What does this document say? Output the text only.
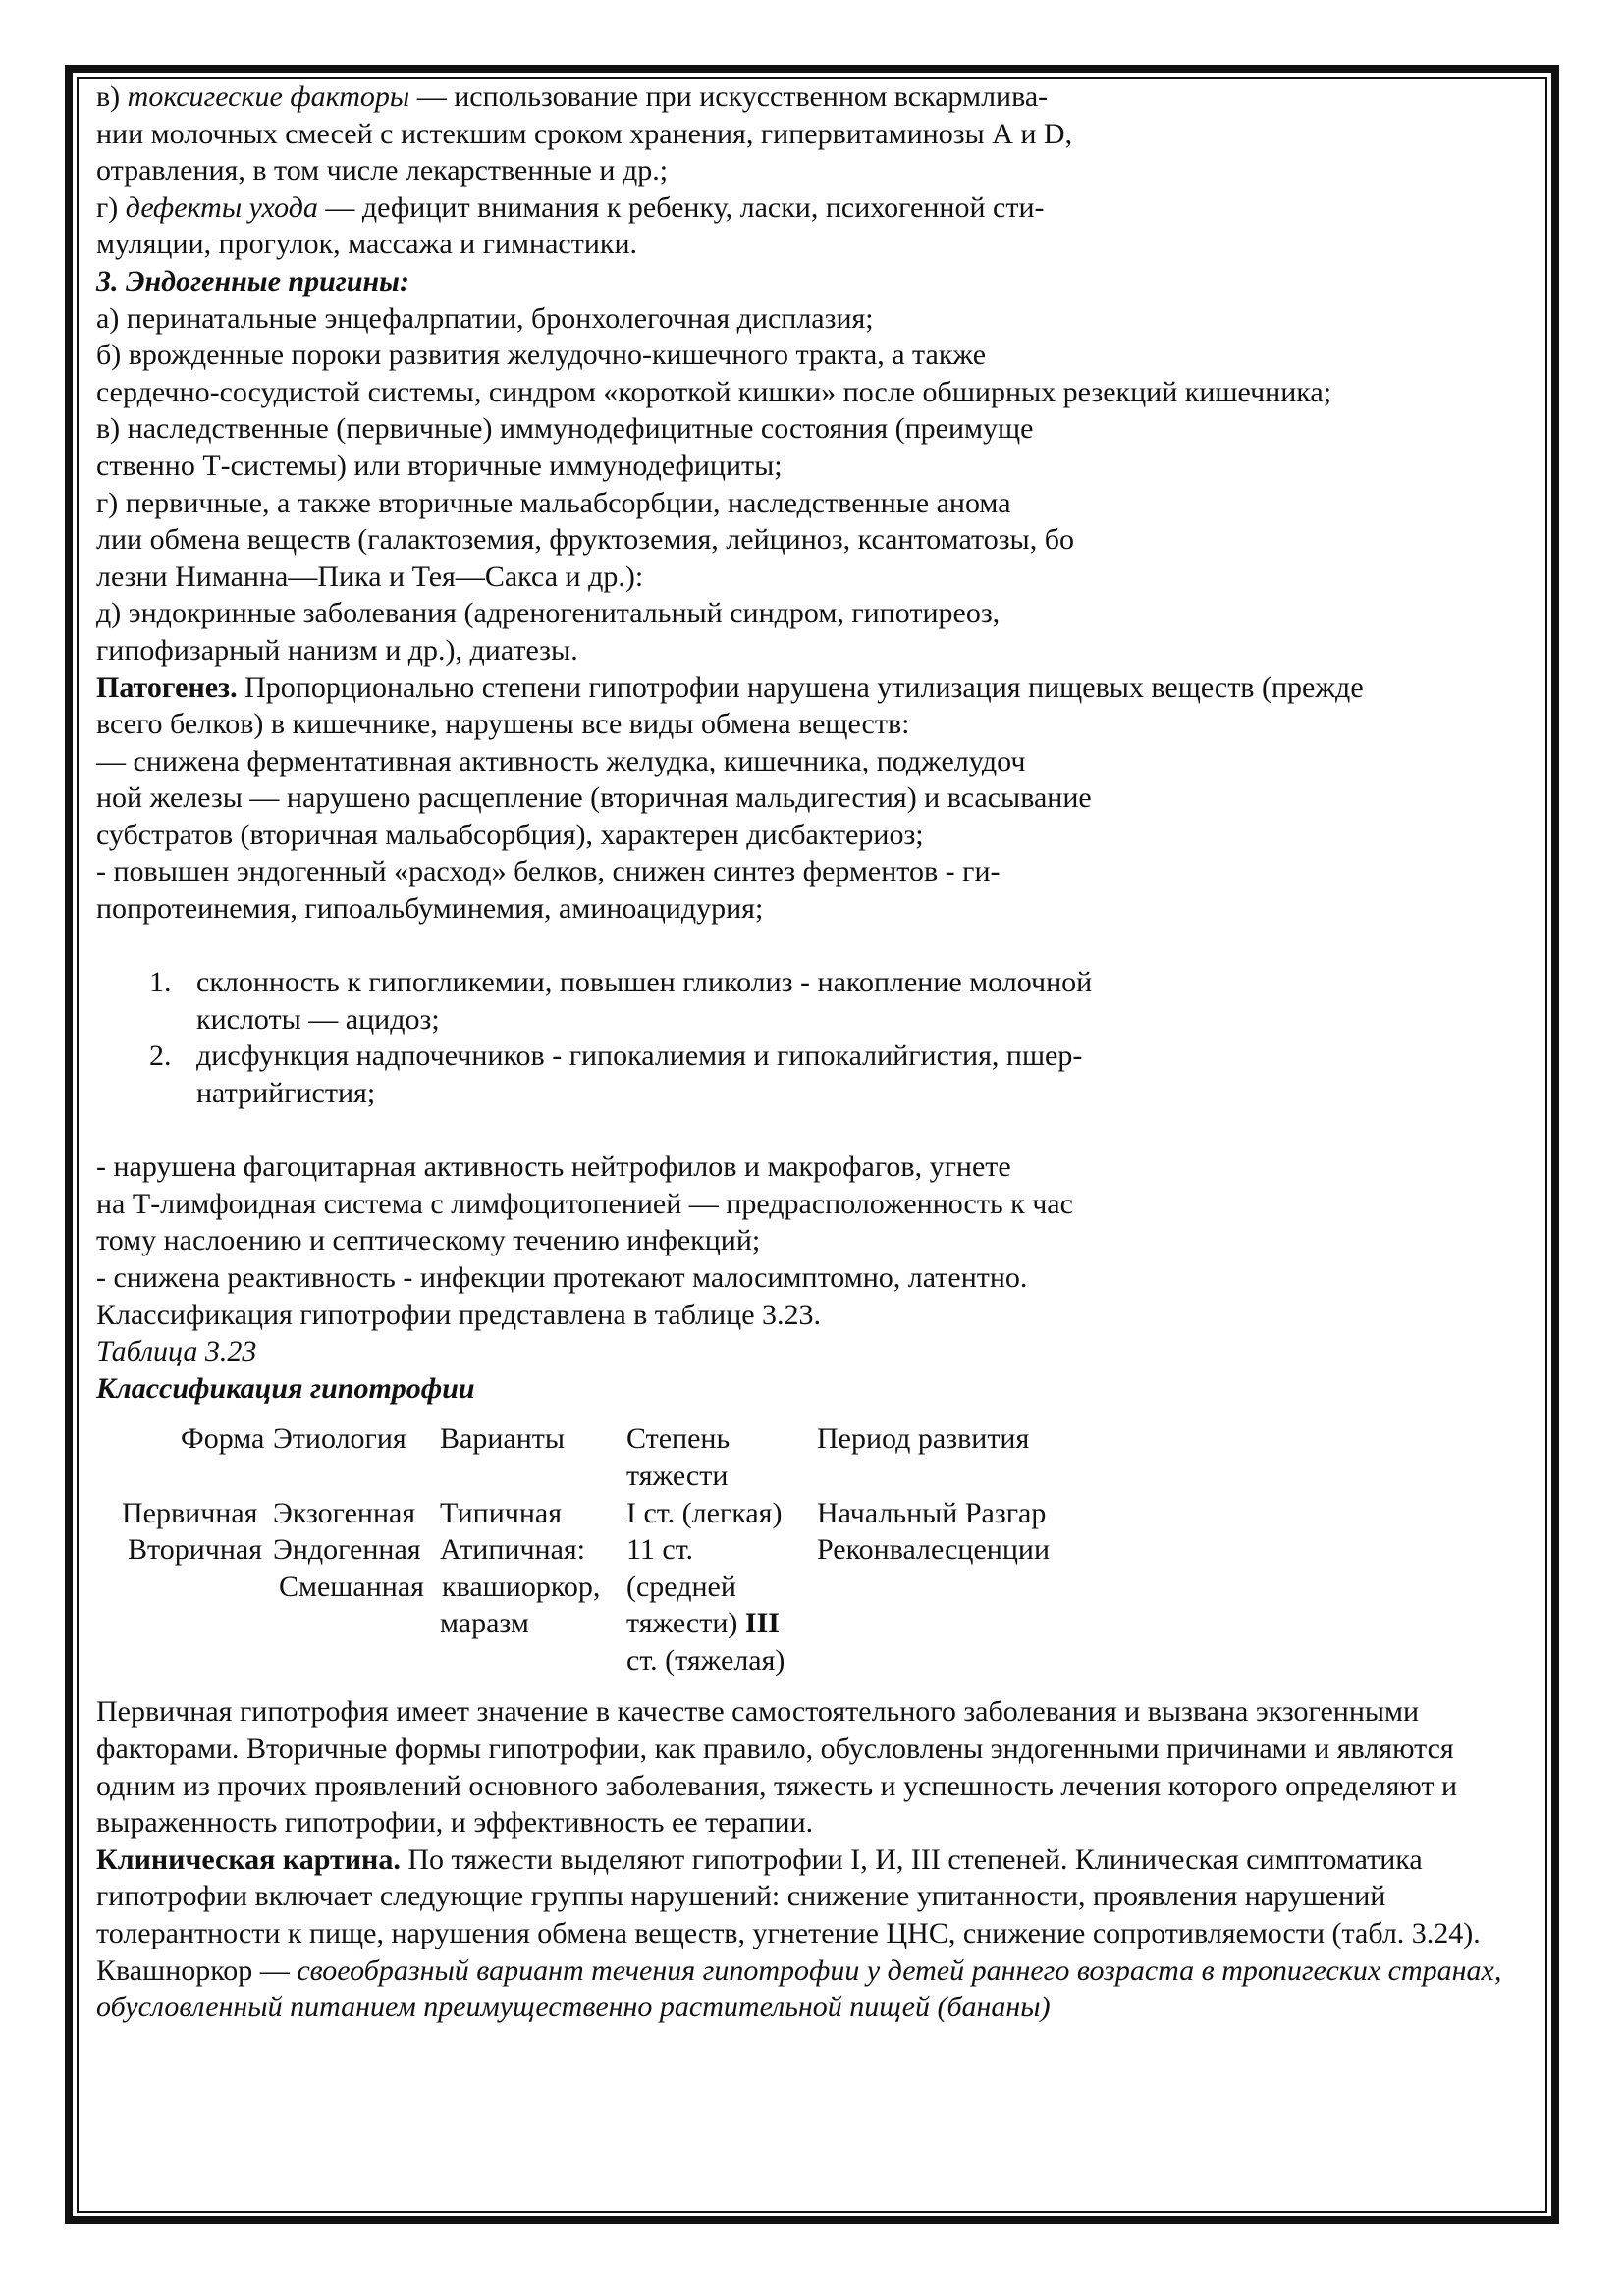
в) токсигеские факторы — использование при искусственном вскармлива-
нии молочных смесей с истекшим сроком хранения, гипервитаминозы А и D,
отравления, в том числе лекарственные и др.;
г) дефекты ухода — дефицит внимания к ребенку, ласки, психогенной сти-
муляции, прогулок, массажа и гимнастики.
3. Эндогенные пригины:
а) перинатальные энцефалрпатии, бронхолегочная дисплазия;
б) врожденные пороки развития желудочно-кишечного тракта, а также
сердечно-сосудистой системы, синдром «короткой кишки» после обширных резекций кишечника;
в) наследственные (первичные) иммунодефицитные состояния (преимуще
ственно Т-системы) или вторичные иммунодефициты;
г) первичные, а также вторичные мальабсорбции, наследственные анома
лии обмена веществ (галактоземия, фруктоземия, лейциноз, ксантоматозы, бо
лезни Ниманна—Пика и Тея—Сакса и др.):
д) эндокринные заболевания (адреногенитальный синдром, гипотиреоз,
гипофизарный нанизм и др.), диатезы.
Патогенез. Пропорционально степени гипотрофии нарушена утилизация пищевых веществ (прежде
всего белков) в кишечнике, нарушены все виды обмена веществ:
— снижена ферментативная активность желудка, кишечника, поджелудоч
ной железы — нарушено расщепление (вторичная мальдигестия) и всасывание
субстратов (вторичная мальабсорбция), характерен дисбактериоз;
- повышен эндогенный «расход» белков, снижен синтез ферментов - ги-
попротеинемия, гипоальбуминемия, аминоацидурия;
1. склонность к гипогликемии, повышен гликолиз - накопление молочной
кислоты — ацидоз;
2. дисфункция надпочечников - гипокалиемия и гипокалийгистия, пшер-
натрийгистия;
- нарушена фагоцитарная активность нейтрофилов и макрофагов, угнете
на Т-лимфоидная система с лимфоцитопенией — предрасположенность к час
тому наслоению и септическому течению инфекций;
- снижена реактивность - инфекции протекают малосимптомно, латентно.
Классификация гипотрофии представлена в таблице 3.23.
Таблица 3.23
Классификация гипотрофии
Форма Этиология Варианты Степень
тяжести
Период развития
Первичная
Вторичная
Экзогенная
Эндогенная
Смешанная
Типичная
Атипичная:
квашиоркор,
маразм
I ст. (легкая)
11 ст.
(средней
тяжести) III
ст. (тяжелая)
Начальный Разгар
Реконвалесценции
Первичная гипотрофия имеет значение в качестве самостоятельного заболевания и вызвана экзогенными факторами. Вторичные формы гипотрофии, как правило, обусловлены эндогенными причинами и являются одним из прочих проявлений основного заболевания, тяжесть и успешность лечения которого определяют и выраженность гипотрофии, и эффективность ее терапии.
Клиническая картина. По тяжести выделяют гипотрофии I, И, III степеней. Клиническая симптоматика гипотрофии включает следующие группы нарушений: снижение упитанности, проявления нарушений толерантности к пище, нарушения обмена веществ, угнетение ЦНС, снижение сопротивляемости (табл. 3.24).
Квашноркор — своеобразный вариант течения гипотрофии у детей раннего возраста в тропигеских странах, обусловленный питанием преимущественно растительной пищей (бананы)
